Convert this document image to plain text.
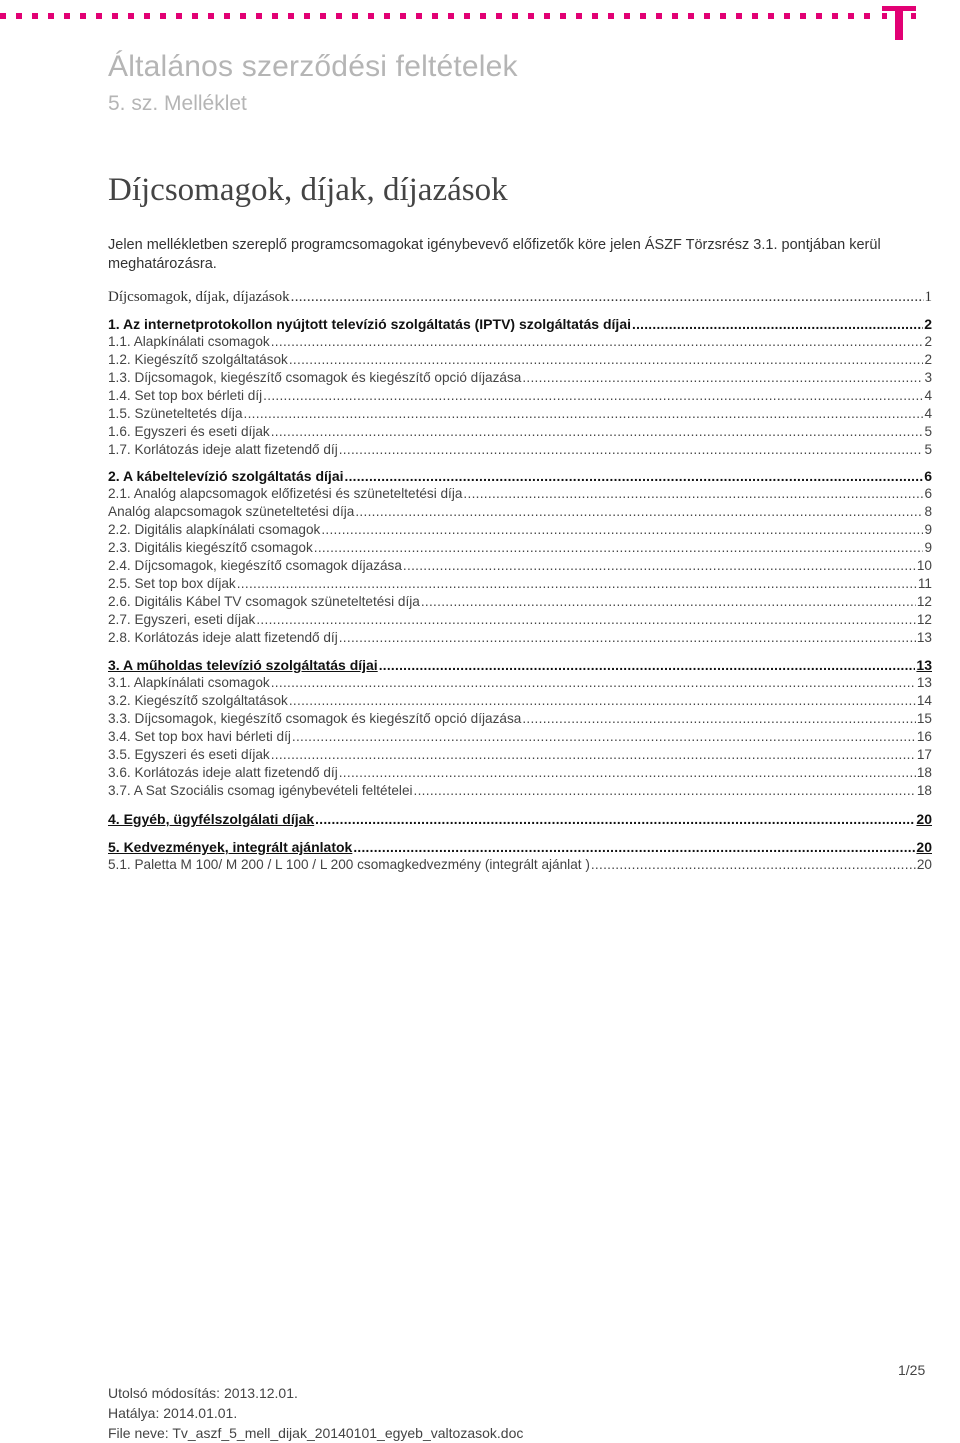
Általános szerződési feltételek
5. sz. Melléklet
Díjcsomagok, díjak, díjazások

Jelen mellékletben szereplő programcsomagokat igénybevevő előfizetők köre jelen ÁSZF Törzsrész 3.1. pontjában kerül meghatározásra.

Díjcsomagok, díjak, díjazások .....	1
1. Az internetprotokollon nyújtott televízió szolgáltatás (IPTV) szolgáltatás díjai .....	2
1.1. Alapkínálati csomagok .....	2
1.2. Kiegészítő szolgáltatások .....	2
1.3. Díjcsomagok, kiegészítő csomagok és kiegészítő opció díjazása .....	3
1.4. Set top box bérleti díj .....	4
1.5. Szüneteltetés díja .....	4
1.6. Egyszeri és eseti díjak .....	5
1.7. Korlátozás ideje alatt fizetendő díj .....	5
2. A kábeltelevízió szolgáltatás díjai .....	6
2.1. Analóg alapcsomagok előfizetési és szüneteltetési díja .....	6
Analóg alapcsomagok szüneteltetési díja .....	8
2.2. Digitális alapkínálati csomagok .....	9
2.3. Digitális kiegészítő csomagok .....	9
2.4. Díjcsomagok, kiegészítő csomagok díjazása .....	10
2.5. Set top box díjak .....	11
2.6. Digitális Kábel TV csomagok szüneteltetési díja .....	12
2.7. Egyszeri, eseti díjak .....	12
2.8. Korlátozás ideje alatt fizetendő díj .....	13
3. A műholdas televízió szolgáltatás díjai .....	13
3.1. Alapkínálati csomagok .....	13
3.2. Kiegészítő szolgáltatások .....	14
3.3. Díjcsomagok, kiegészítő csomagok és kiegészítő opció díjazása .....	15
3.4. Set top box havi bérleti díj .....	16
3.5. Egyszeri és eseti díjak .....	17
3.6. Korlátozás ideje alatt fizetendő díj .....	18
3.7. A Sat Szociális csomag igénybevételi feltételei .....	18
4. Egyéb, ügyfélszolgálati díjak .....	20
5. Kedvezmények, integrált ajánlatok .....	20
5.1. Paletta M 100/ M 200 / L 100 / L 200 csomagkedvezmény (integrált ajánlat ) .....	20
1/25
Utolsó módosítás: 2013.12.01.
Hatálya: 2014.01.01.
File neve: Tv_aszf_5_mell_dijak_20140101_egyeb_valtozasok.doc
